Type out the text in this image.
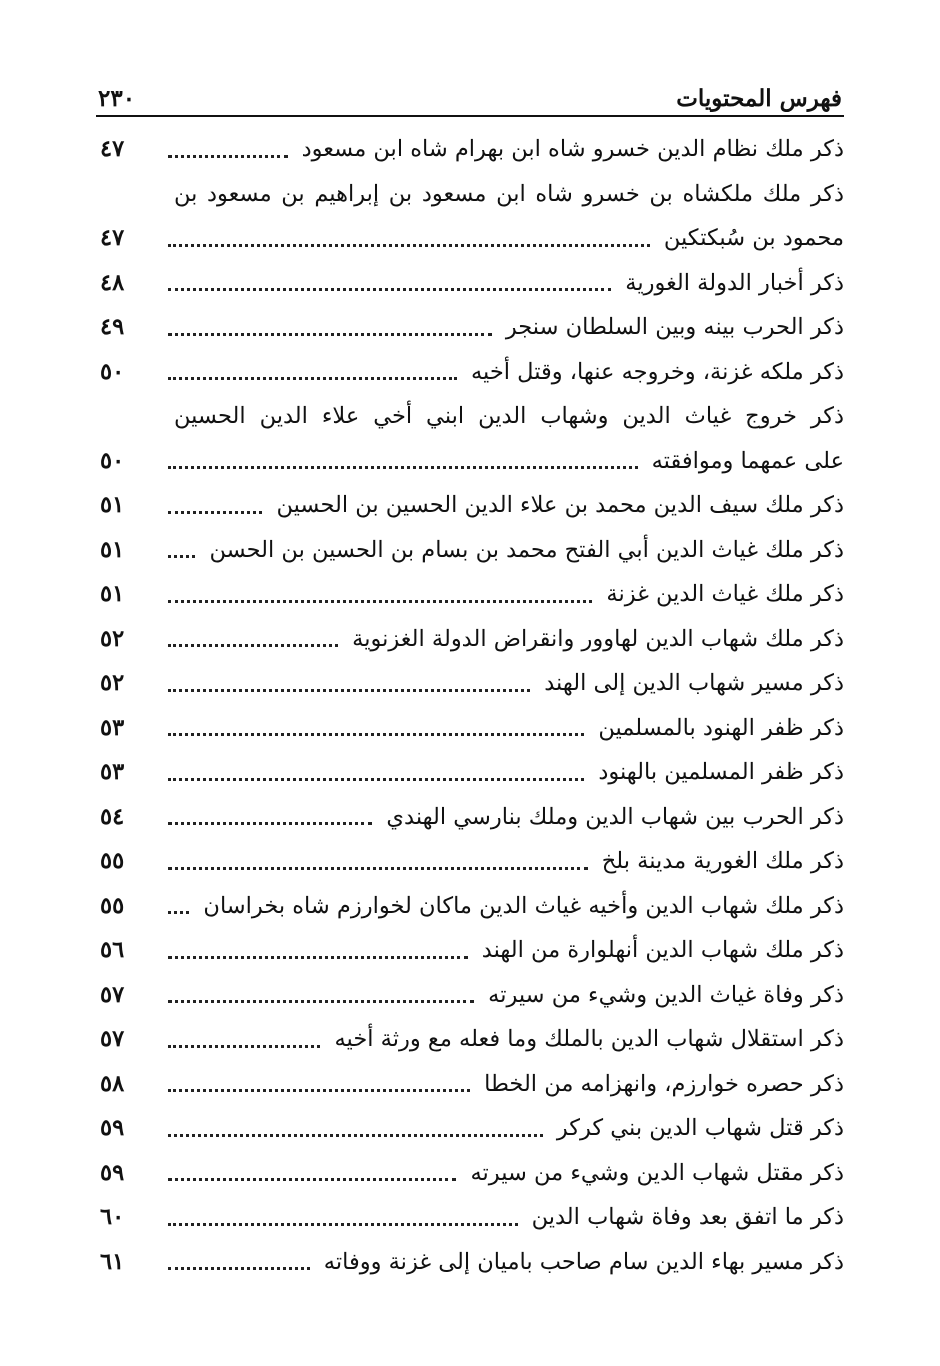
فهرس المحتويات
٢٣٠
ذكر ملك نظام الدين خسرو شاه ابن بهرام شاه ابن مسعود
٤٧
ذكر ملك ملكشاه بن خسرو شاه ابن مسعود بن إبراهيم بن مسعود بن
محمود بن سُبكتكين
٤٧
ذكر أخبار الدولة الغورية
٤٨
ذكر الحرب بينه وبين السلطان سنجر
٤٩
ذكر ملكه غزنة، وخروجه عنها، وقتل أخيه
٥٠
ذكر خروج غياث الدين وشهاب الدين ابني أخي علاء الدين الحسين
على عمهما وموافقته
٥٠
ذكر ملك سيف الدين محمد بن علاء الدين الحسين بن الحسين
٥١
ذكر ملك غياث الدين أبي الفتح محمد بن بسام بن الحسين بن الحسن
٥١
ذكر ملك غياث الدين غزنة
٥١
ذكر ملك شهاب الدين لهاوور وانقراض الدولة الغزنوية
٥٢
ذكر مسير شهاب الدين إلى الهند
٥٢
ذكر ظفر الهنود بالمسلمين
٥٣
ذكر ظفر المسلمين بالهنود
٥٣
ذكر الحرب بين شهاب الدين وملك بنارسي الهندي
٥٤
ذكر ملك الغورية مدينة بلخ
٥٥
ذكر ملك شهاب الدين وأخيه غياث الدين ماكان لخوارزم شاه بخراسان
٥٥
ذكر ملك شهاب الدين أنهلوارة من الهند
٥٦
ذكر وفاة غياث الدين وشيء من سيرته
٥٧
ذكر استقلال شهاب الدين بالملك وما فعله مع ورثة أخيه
٥٧
ذكر حصره خوارزم، وانهزامه من الخطا
٥٨
ذكر قتل شهاب الدين بني كركر
٥٩
ذكر مقتل شهاب الدين وشيء من سيرته
٥٩
ذكر ما اتفق بعد وفاة شهاب الدين
٦٠
ذكر مسير بهاء الدين سام صاحب باميان إلى غزنة ووفاته
٦١
